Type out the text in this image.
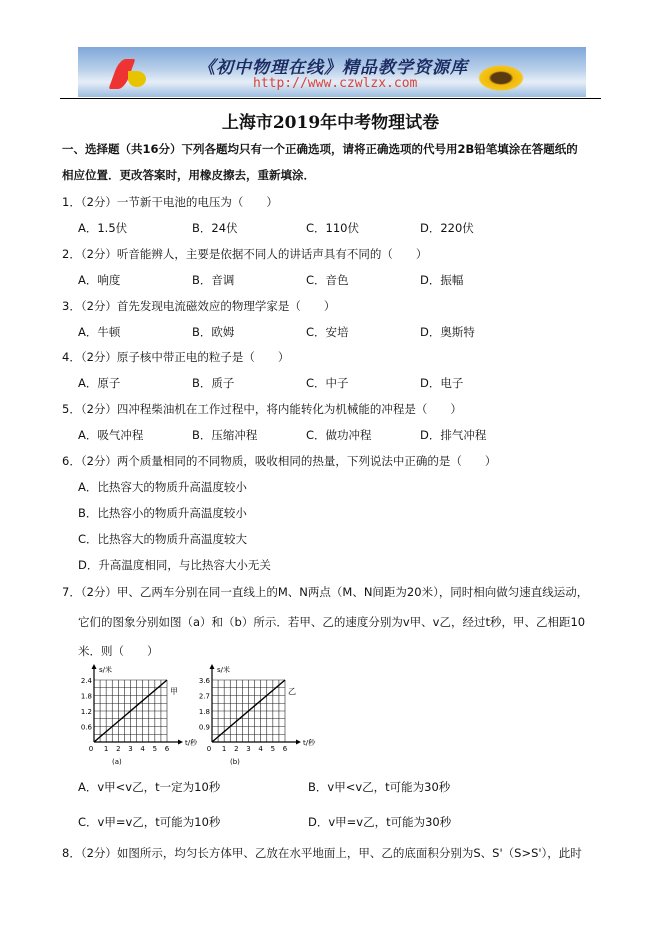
《初中物理在线》精品教学资源库
http://www.czwlzx.com
上海市2019年中考物理试卷
一、选择题（共16分）下列各题均只有一个正确选项，请将正确选项的代号用2B铅笔填涂在答题纸的
相应位置．更改答案时，用橡皮擦去，重新填涂．
1．（2分）一节新干电池的电压为（　　）
A．1.5伏	B．24伏	C．110伏	D．220伏
2．（2分）听音能辨人，主要是依据不同人的讲话声具有不同的（　　）
A．响度	B．音调	C．音色	D．振幅
3．（2分）首先发现电流磁效应的物理学家是（　　）
A．牛顿	B．欧姆	C．安培	D．奥斯特
4．（2分）原子核中带正电的粒子是（　　）
A．原子	B．质子	C．中子	D．电子
5．（2分）四冲程柴油机在工作过程中，将内能转化为机械能的冲程是（　　）
A．吸气冲程	B．压缩冲程	C．做功冲程	D．排气冲程
6．（2分）两个质量相同的不同物质，吸收相同的热量，下列说法中正确的是（　　）
A．比热容大的物质升高温度较小
B．比热容小的物质升高温度较小
C．比热容大的物质升高温度较大
D．升高温度相同，与比热容大小无关
7．（2分）甲、乙两车分别在同一直线上的M、N两点（M、N间距为20米），同时相向做匀速直线运动，
它们的图象分别如图（a）和（b）所示．若甲、乙的速度分别为v甲、v乙，经过t秒，甲、乙相距10
米．则（　　）
s/米
t/秒
甲
2.4
1.8
1.2
0.6
0 1 2 3 4 5 6
(a)
s/米
t/秒
乙
3.6
2.7
1.8
0.9
0 1 2 3 4 5 6
(b)
A．v甲<v乙，t一定为10秒	B．v甲<v乙，t可能为30秒
C．v甲=v乙，t可能为10秒	D．v甲=v乙，t可能为30秒
8．（2分）如图所示，均匀长方体甲、乙放在水平地面上，甲、乙的底面积分别为S、S'（S>S'），此时
